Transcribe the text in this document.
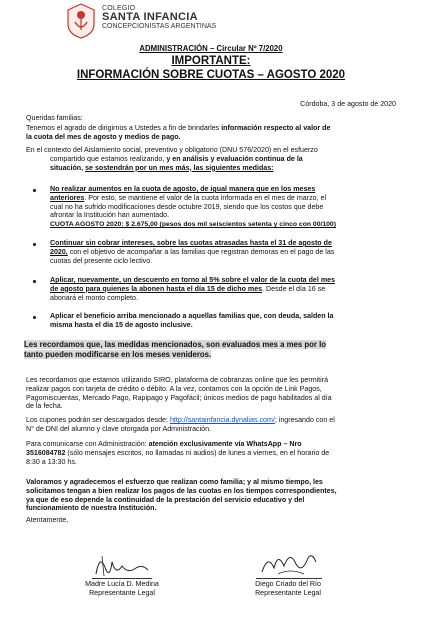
COLEGIO
SANTA INFANCIA
CONCEPCIONISTAS ARGENTINAS
ADMINISTRACIÓN – Circular Nº 7/2020
IMPORTANTE:
INFORMACIÓN SOBRE CUOTAS – AGOSTO 2020
Córdoba, 3 de agosto de 2020
Queridas familias:
Tenemos el agrado de dirigirnos a Ustedes a fin de brindarles información respecto al valor de
la cuota del mes de agosto y medios de pago.
En el contexto del Aislamiento social, preventivo y obligatorio (DNU 576/2020) en el esfuerzo
compartido que estamos realizando, y en análisis y evaluación continua de la
situación, se sostendrán por un mes más, las siguientes medidas:
No realizar aumentos en la cuota de agosto, de igual manera que en los meses
anteriores. Por esto, se mantiene el valor de la cuota informada en el mes de marzo, el
cual no ha sufrido modificaciones desde octubre 2019, siendo que los costos que debe
afrontar la Institución han aumentado.
CUOTA AGOSTO 2020: $ 2.675,00 (pesos dos mil seiscientos setenta y cinco con 00/100)
Continuar sin cobrar intereses, sobre las cuotas atrasadas hasta el 31 de agosto de
2020, con el objetivo de acompañar a las familias que registran demoras en el pago de las
cuotas del presente ciclo lectivo.
Aplicar, nuevamente, un descuento en torno al 5% sobre el valor de la cuota del mes
de agosto para quienes la abonen hasta el día 15 de dicho mes. Desde el día 16 se
abonará el monto completo.
Aplicar el beneficio arriba mencionado a aquellas familias que, con deuda, salden la
misma hasta el día 15 de agosto inclusive.
Les recordamos que, las medidas mencionados, son evaluados mes a mes por lo
tanto pueden modificarse en los meses venideros.
Les recordamos que estamos utilizando SIRO, plataforma de cobranzas online que les permitirá
realizar pagos con tarjeta de crédito o débito. A la vez, contamos con la opción de Link Pagos,
Pagomiscuentas, Mercado Pago, Rapipago y Pagofácil; únicos medios de pago habilitados al día
de la fecha.
Los cupones podrán ser descargados desde: http://santainfancia.dynalias.com/; ingresando con el
N° de DNI del alumno y clave otorgada por Administración.
Para comunicarse con Administración: atención exclusivamente vía WhatsApp – Nro
3516084782 (sólo mensajes escritos, no llamadas ni audios) de lunes a viernes, en el horario de
8:30 a 13:30 hs.
Valoramos y agradecemos el esfuerzo que realizan como familia; y al mismo tiempo, les
solicitamos tengan a bien realizar los pagos de las cuotas en los tiempos correspondientes,
ya que de eso depende la continuidad de la prestación del servicio educativo y del
funcionamiento de nuestra Institución.
Atentamente,
Madre Lucía D. Medina
Representante Legal
Diego Criado del Río
Representante Legal
